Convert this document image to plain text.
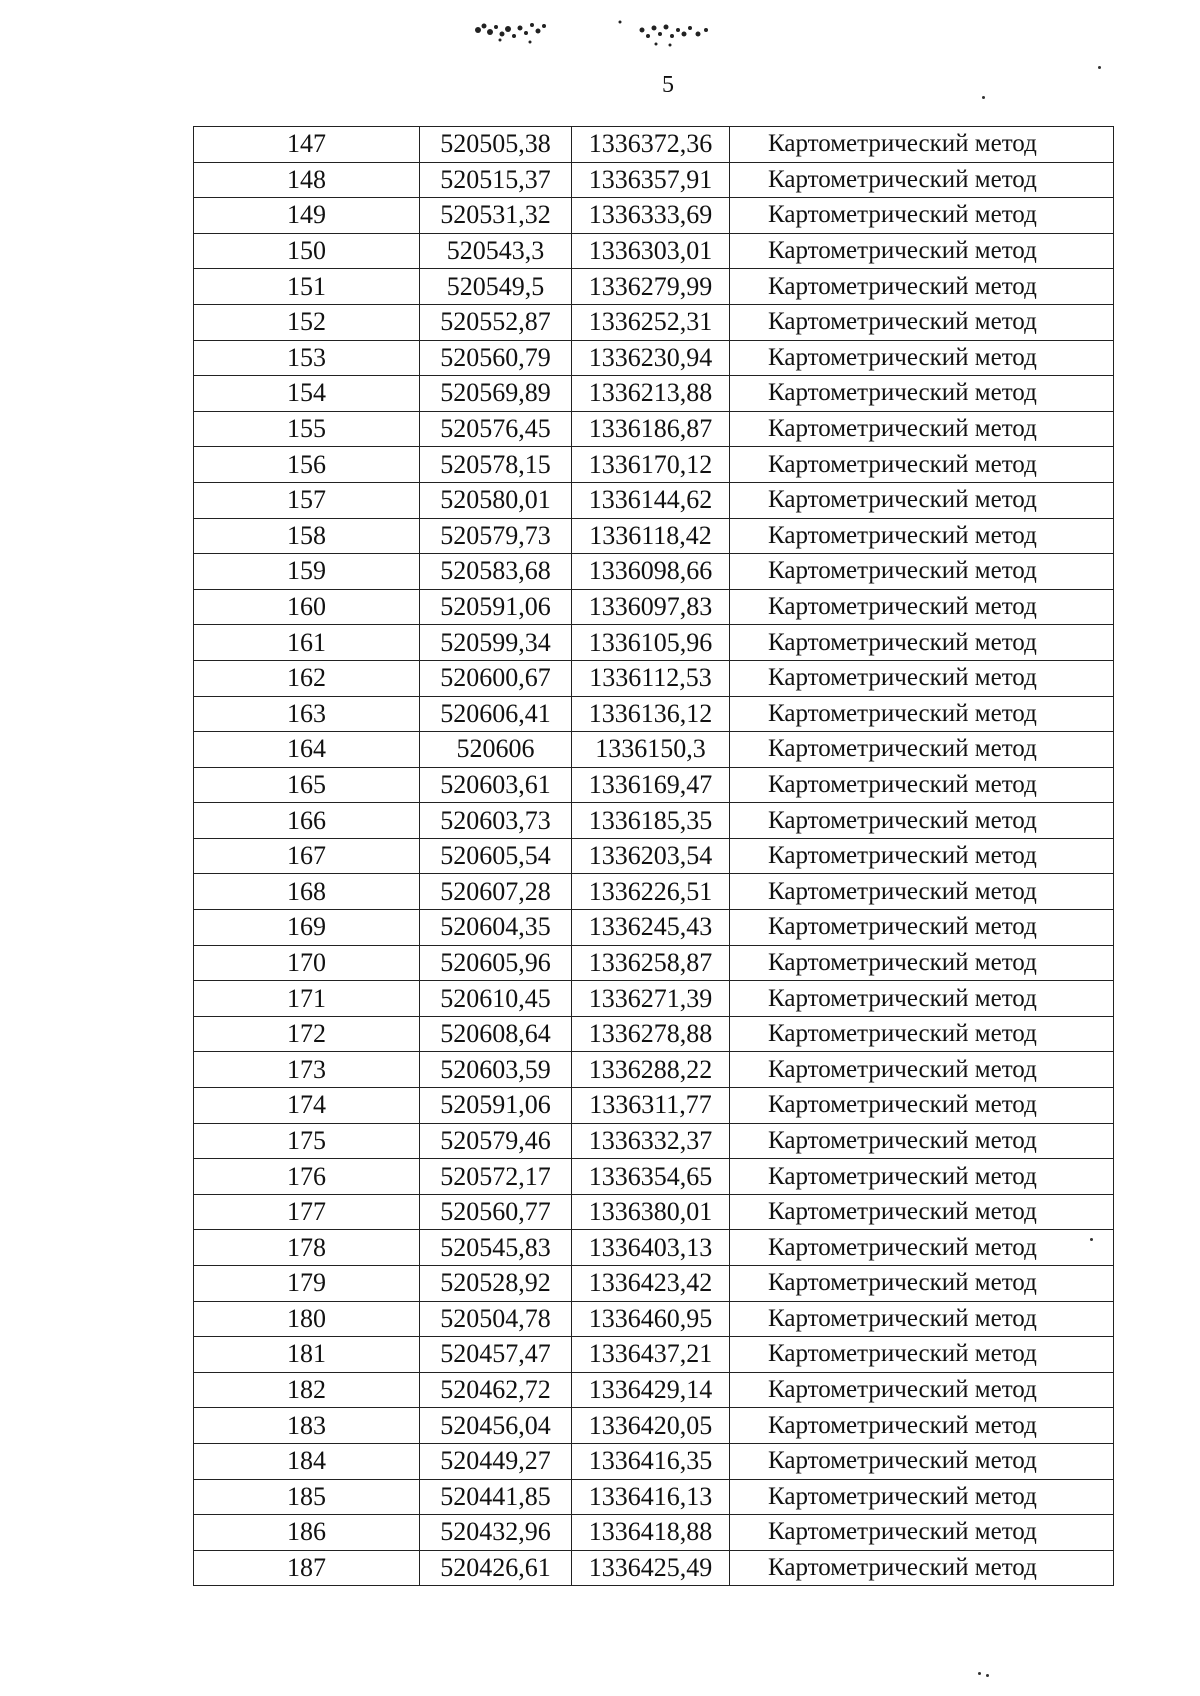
5
147	520505,38	1336372,36	Картометрический метод
148	520515,37	1336357,91	Картометрический метод
149	520531,32	1336333,69	Картометрический метод
150	520543,3	1336303,01	Картометрический метод
151	520549,5	1336279,99	Картометрический метод
152	520552,87	1336252,31	Картометрический метод
153	520560,79	1336230,94	Картометрический метод
154	520569,89	1336213,88	Картометрический метод
155	520576,45	1336186,87	Картометрический метод
156	520578,15	1336170,12	Картометрический метод
157	520580,01	1336144,62	Картометрический метод
158	520579,73	1336118,42	Картометрический метод
159	520583,68	1336098,66	Картометрический метод
160	520591,06	1336097,83	Картометрический метод
161	520599,34	1336105,96	Картометрический метод
162	520600,67	1336112,53	Картометрический метод
163	520606,41	1336136,12	Картометрический метод
164	520606	1336150,3	Картометрический метод
165	520603,61	1336169,47	Картометрический метод
166	520603,73	1336185,35	Картометрический метод
167	520605,54	1336203,54	Картометрический метод
168	520607,28	1336226,51	Картометрический метод
169	520604,35	1336245,43	Картометрический метод
170	520605,96	1336258,87	Картометрический метод
171	520610,45	1336271,39	Картометрический метод
172	520608,64	1336278,88	Картометрический метод
173	520603,59	1336288,22	Картометрический метод
174	520591,06	1336311,77	Картометрический метод
175	520579,46	1336332,37	Картометрический метод
176	520572,17	1336354,65	Картометрический метод
177	520560,77	1336380,01	Картометрический метод
178	520545,83	1336403,13	Картометрический метод
179	520528,92	1336423,42	Картометрический метод
180	520504,78	1336460,95	Картометрический метод
181	520457,47	1336437,21	Картометрический метод
182	520462,72	1336429,14	Картометрический метод
183	520456,04	1336420,05	Картометрический метод
184	520449,27	1336416,35	Картометрический метод
185	520441,85	1336416,13	Картометрический метод
186	520432,96	1336418,88	Картометрический метод
187	520426,61	1336425,49	Картометрический метод
